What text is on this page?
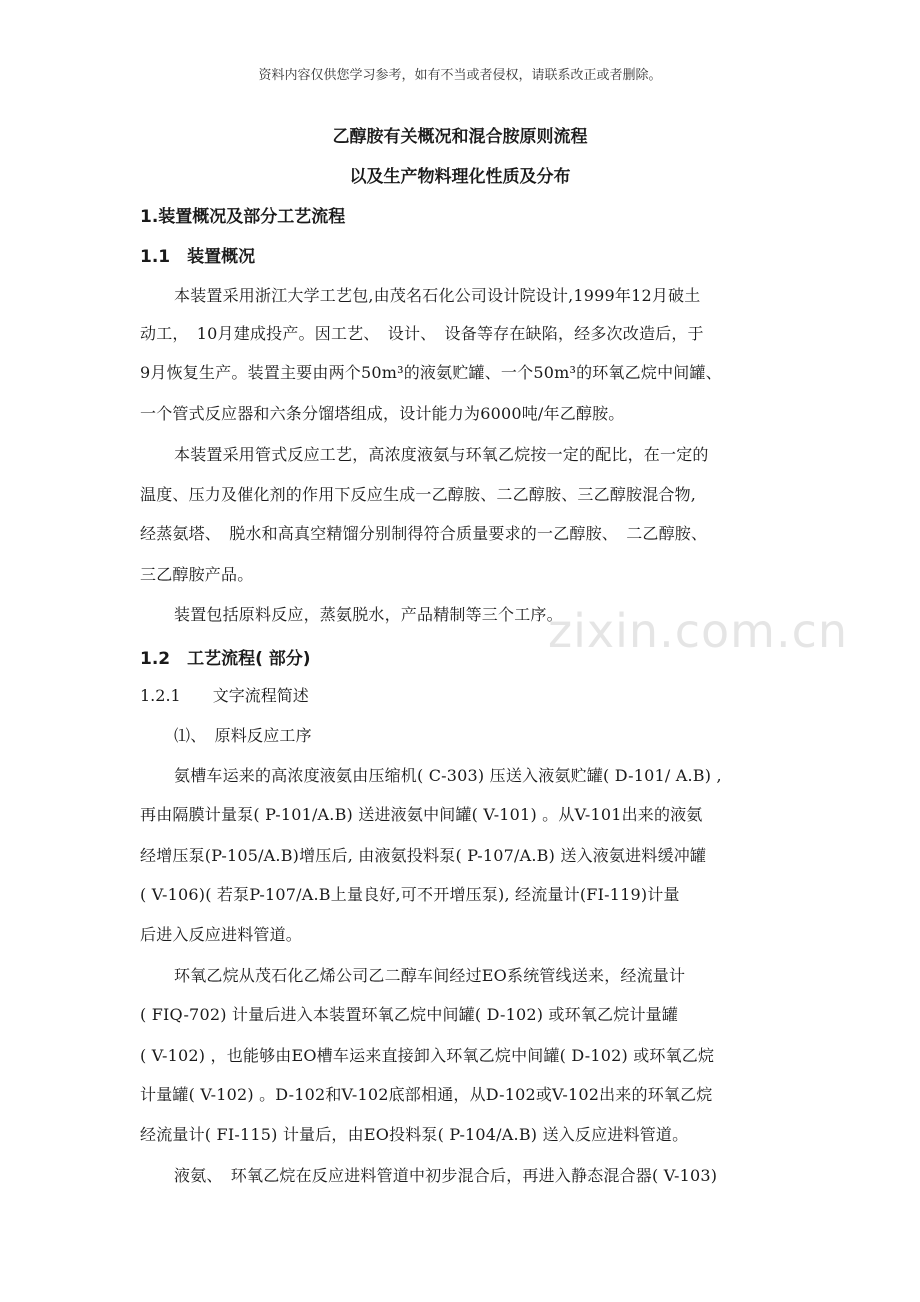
资料内容仅供您学习参考，如有不当或者侵权，请联系改正或者删除。
乙醇胺有关概况和混合胺原则流程
以及生产物料理化性质及分布
1.装置概况及部分工艺流程
1.1　装置概况
本装置采用浙江大学工艺包,由茂名石化公司设计院设计,1999年12月破土
动工，　10月建成投产。因工艺、　设计、　设备等存在缺陷，经多次改造后，于
9月恢复生产。装置主要由两个50m³的液氨贮罐、一个50m³的环氧乙烷中间罐、
一个管式反应器和六条分馏塔组成，设计能力为6000吨/年乙醇胺。
本装置采用管式反应工艺，高浓度液氨与环氧乙烷按一定的配比，在一定的
温度、压力及催化剂的作用下反应生成一乙醇胺、二乙醇胺、三乙醇胺混合物,
经蒸氨塔、　脱水和高真空精馏分别制得符合质量要求的一乙醇胺、　二乙醇胺、
三乙醇胺产品。
装置包括原料反应，蒸氨脱水，产品精制等三个工序。
zixin.com.cn
1.2　工艺流程( 部分)
1.2.1　　文字流程简述
⑴、　原料反应工序
氨槽车运来的高浓度液氨由压缩机( C-303) 压送入液氨贮罐( D-101/ A.B) ,
再由隔膜计量泵( P-101/A.B) 送进液氨中间罐( V-101) 。从V-101出来的液氨
经增压泵(P-105/A.B)增压后, 由液氨投料泵( P-107/A.B) 送入液氨进料缓冲罐
( V-106)( 若泵P-107/A.B上量良好,可不开增压泵), 经流量计(FI-119)计量
后进入反应进料管道。
环氧乙烷从茂石化乙烯公司乙二醇车间经过EO系统管线送来，经流量计
( FIQ-702) 计量后进入本装置环氧乙烷中间罐( D-102) 或环氧乙烷计量罐
( V-102) ，也能够由EO槽车运来直接卸入环氧乙烷中间罐( D-102) 或环氧乙烷
计量罐( V-102) 。D-102和V-102底部相通，从D-102或V-102出来的环氧乙烷
经流量计( FI-115) 计量后，由EO投料泵( P-104/A.B) 送入反应进料管道。
液氨、　环氧乙烷在反应进料管道中初步混合后，再进入静态混合器( V-103)
